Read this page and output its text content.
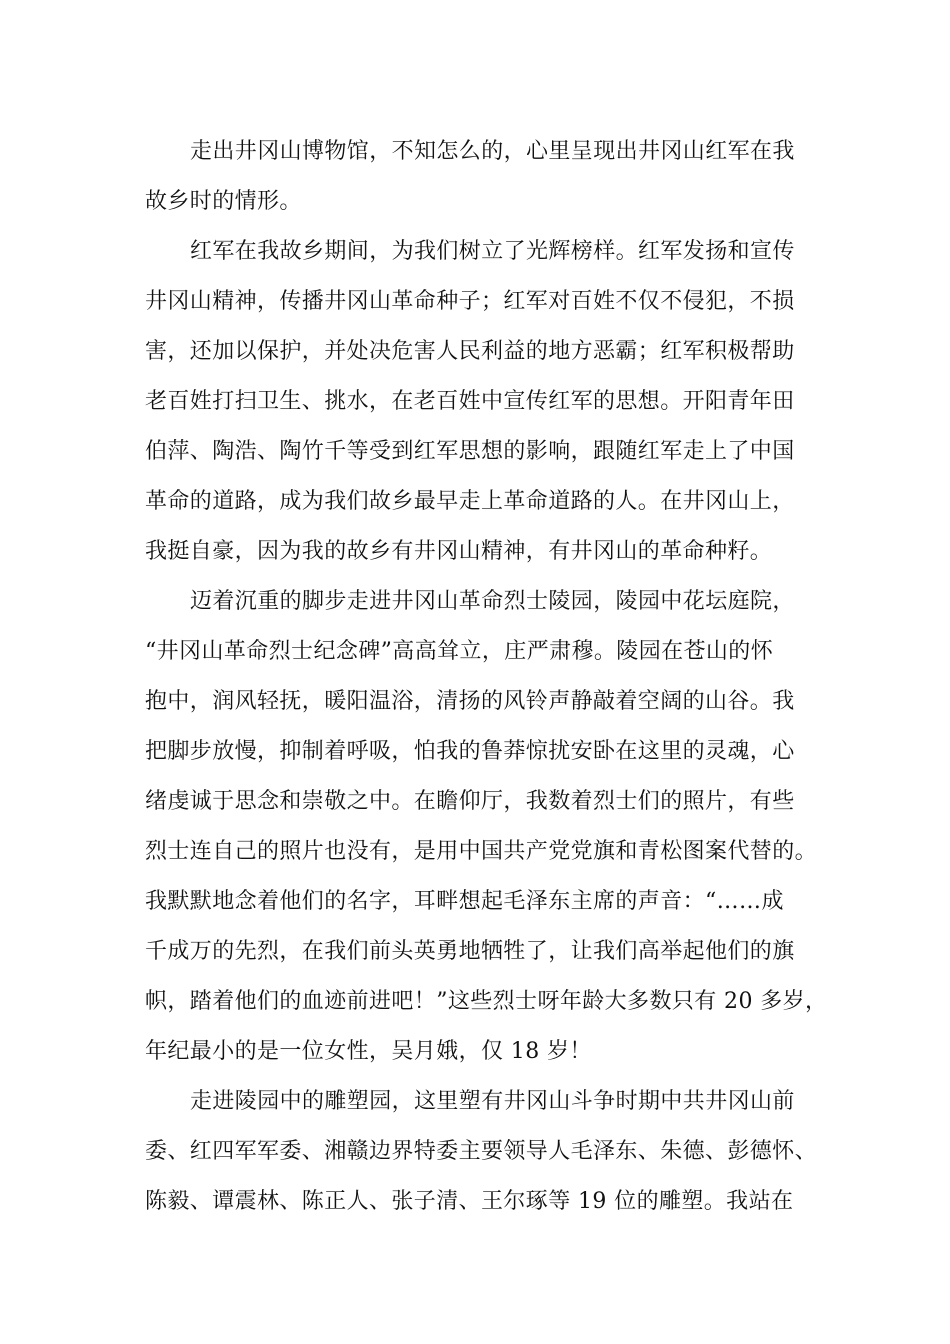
走出井冈山博物馆，不知怎么的，心里呈现出井冈山红军在我
故乡时的情形。
红军在我故乡期间，为我们树立了光辉榜样。红军发扬和宣传
井冈山精神，传播井冈山革命种子；红军对百姓不仅不侵犯，不损
害，还加以保护，并处决危害人民利益的地方恶霸；红军积极帮助
老百姓打扫卫生、挑水，在老百姓中宣传红军的思想。开阳青年田
伯萍、陶浩、陶竹千等受到红军思想的影响，跟随红军走上了中国
革命的道路，成为我们故乡最早走上革命道路的人。在井冈山上，
我挺自豪，因为我的故乡有井冈山精神，有井冈山的革命种籽。
迈着沉重的脚步走进井冈山革命烈士陵园，陵园中花坛庭院，
“井冈山革命烈士纪念碑”高高耸立，庄严肃穆。陵园在苍山的怀
抱中，润风轻抚，暖阳温浴，清扬的风铃声静敲着空阔的山谷。我
把脚步放慢，抑制着呼吸，怕我的鲁莽惊扰安卧在这里的灵魂，心
绪虔诚于思念和崇敬之中。在瞻仰厅，我数着烈士们的照片，有些
烈士连自己的照片也没有，是用中国共产党党旗和青松图案代替的。
我默默地念着他们的名字，耳畔想起毛泽东主席的声音：“……成
千成万的先烈，在我们前头英勇地牺牲了，让我们高举起他们的旗
帜，踏着他们的血迹前进吧！”这些烈士呀年龄大多数只有 20 多岁，
年纪最小的是一位女性，吴月娥，仅 18 岁！
走进陵园中的雕塑园，这里塑有井冈山斗争时期中共井冈山前
委、红四军军委、湘赣边界特委主要领导人毛泽东、朱德、彭德怀、
陈毅、谭震林、陈正人、张子清、王尔琢等 19 位的雕塑。我站在
